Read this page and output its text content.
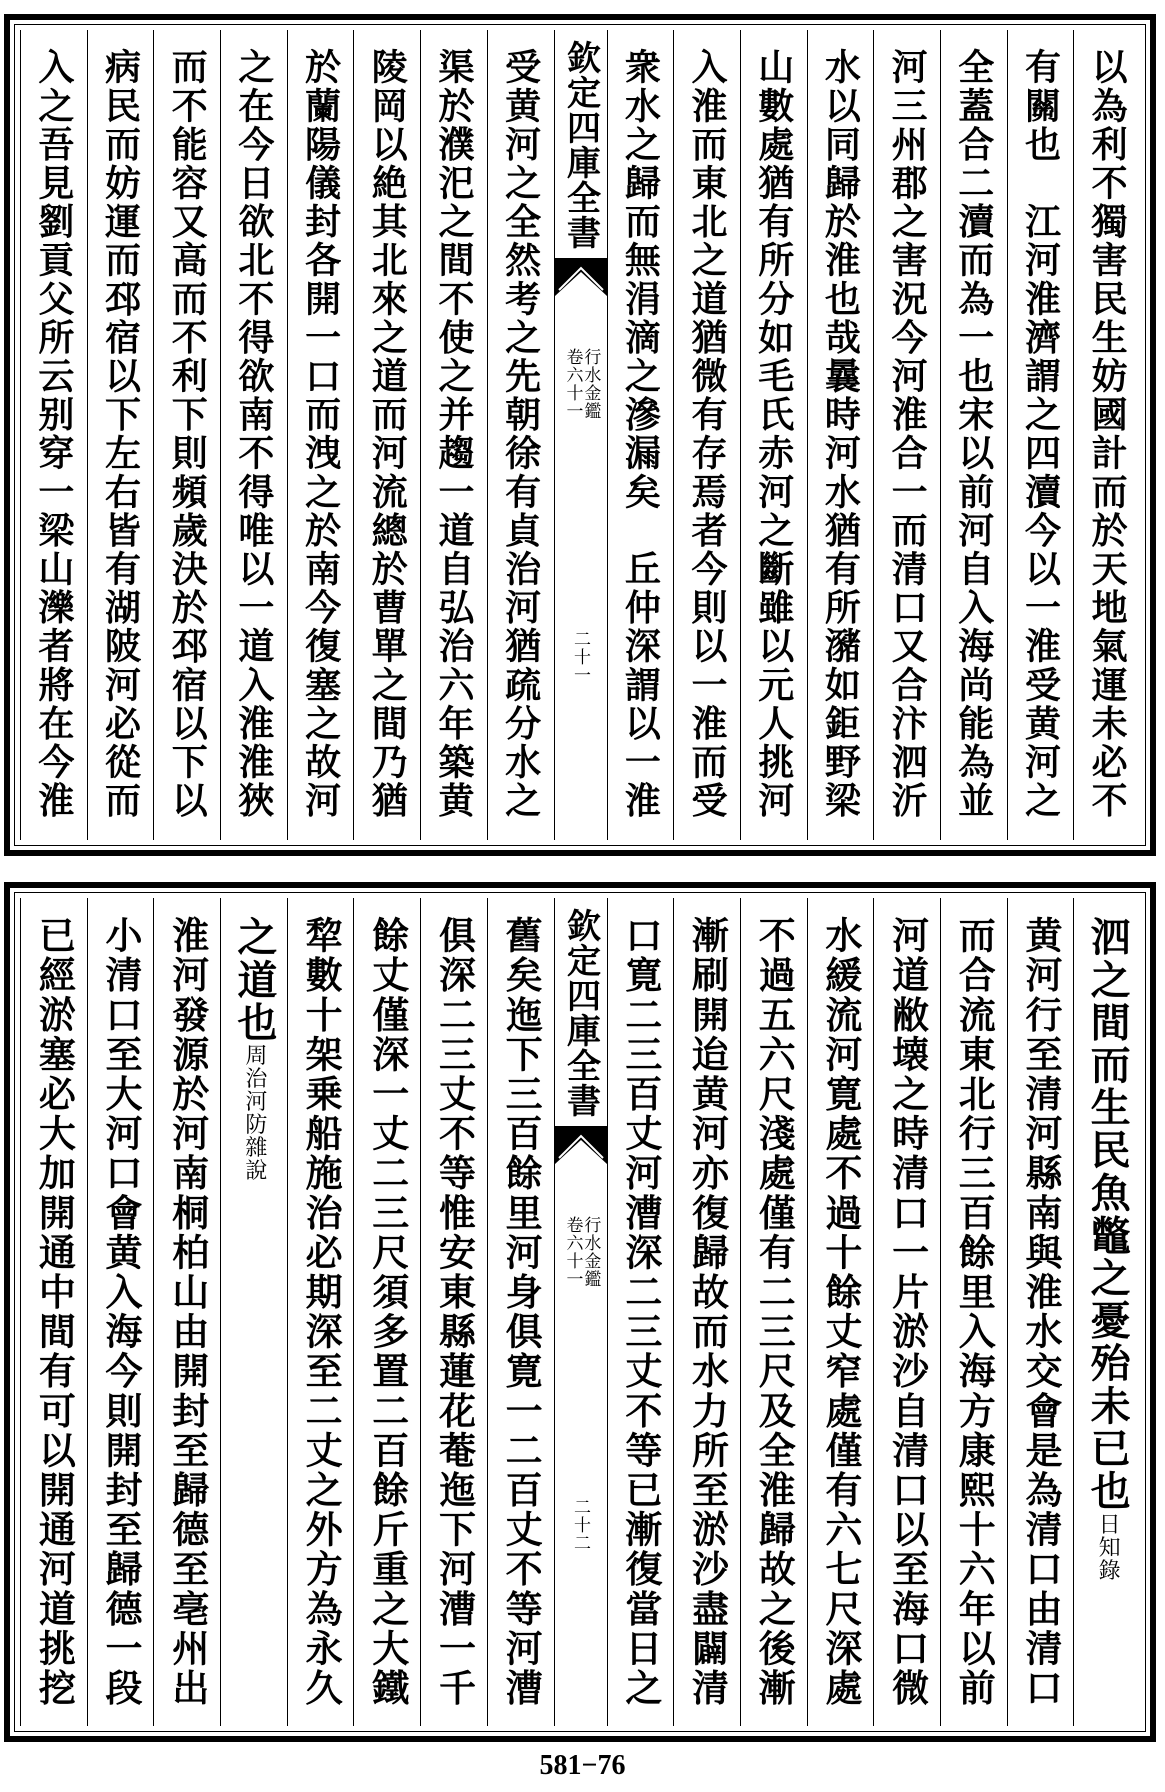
以為利不獨害民生妨國計而於天地氣運未必不
有關也　江河淮濟謂之四瀆今以一淮受黄河之
全蓋合二瀆而為一也宋以前河自入海尚能為並
河三州郡之害況今河淮合一而清口又合汴泗沂
水以同歸於淮也哉曩時河水猶有所瀦如鉅野梁
山數處猶有所分如毛氏赤河之斷雖以元人挑河
入淮而東北之道猶微有存焉者今則以一淮而受
衆水之歸而無涓滴之滲漏矣　丘仲深謂以一淮
欽定四庫全書
行水金鑑
卷六十一
二十一
受黄河之全然考之先朝徐有貞治河猶疏分水之
渠於濮汜之間不使之并趨一道自弘治六年築黄
陵岡以絶其北來之道而河流總於曹單之間乃猶
於蘭陽儀封各開一口而洩之於南今復塞之故河
之在今日欲北不得欲南不得唯以一道入淮淮狹
而不能容又高而不利下則頻歲決於邳宿以下以
病民而妨運而邳宿以下左右皆有湖陂河必從而
入之吾見劉貢父所云别穿一梁山濼者將在今淮
泗之間而生民魚鼈之憂殆未已也日知錄
黄河行至清河縣南與淮水交會是為清口由清口
而合流東北行三百餘里入海方康熙十六年以前
河道敝壊之時清口一片淤沙自清口以至海口微
水緩流河寛處不過十餘丈窄處僅有六七尺深處
不過五六尺淺處僅有二三尺及全淮歸故之後漸
漸刷開迨黄河亦復歸故而水力所至淤沙盡闢清
口寛二三百丈河漕深二三丈不等已漸復當日之
欽定四庫全書
行水金鑑
卷六十一
二十二
舊矣迤下三百餘里河身俱寛一二百丈不等河漕
俱深二三丈不等惟安東縣蓮花菴迤下河漕一千
餘丈僅深一丈二三尺須多置二百餘斤重之大鐵
犂數十架乗船施治必期深至二丈之外方為永久
之道也周治河防雜說
淮河發源於河南桐柏山由開封至歸德至亳州出
小清口至大河口會黄入海今則開封至歸德一段
已經淤塞必大加開通中間有可以開通河道挑挖
581−76
